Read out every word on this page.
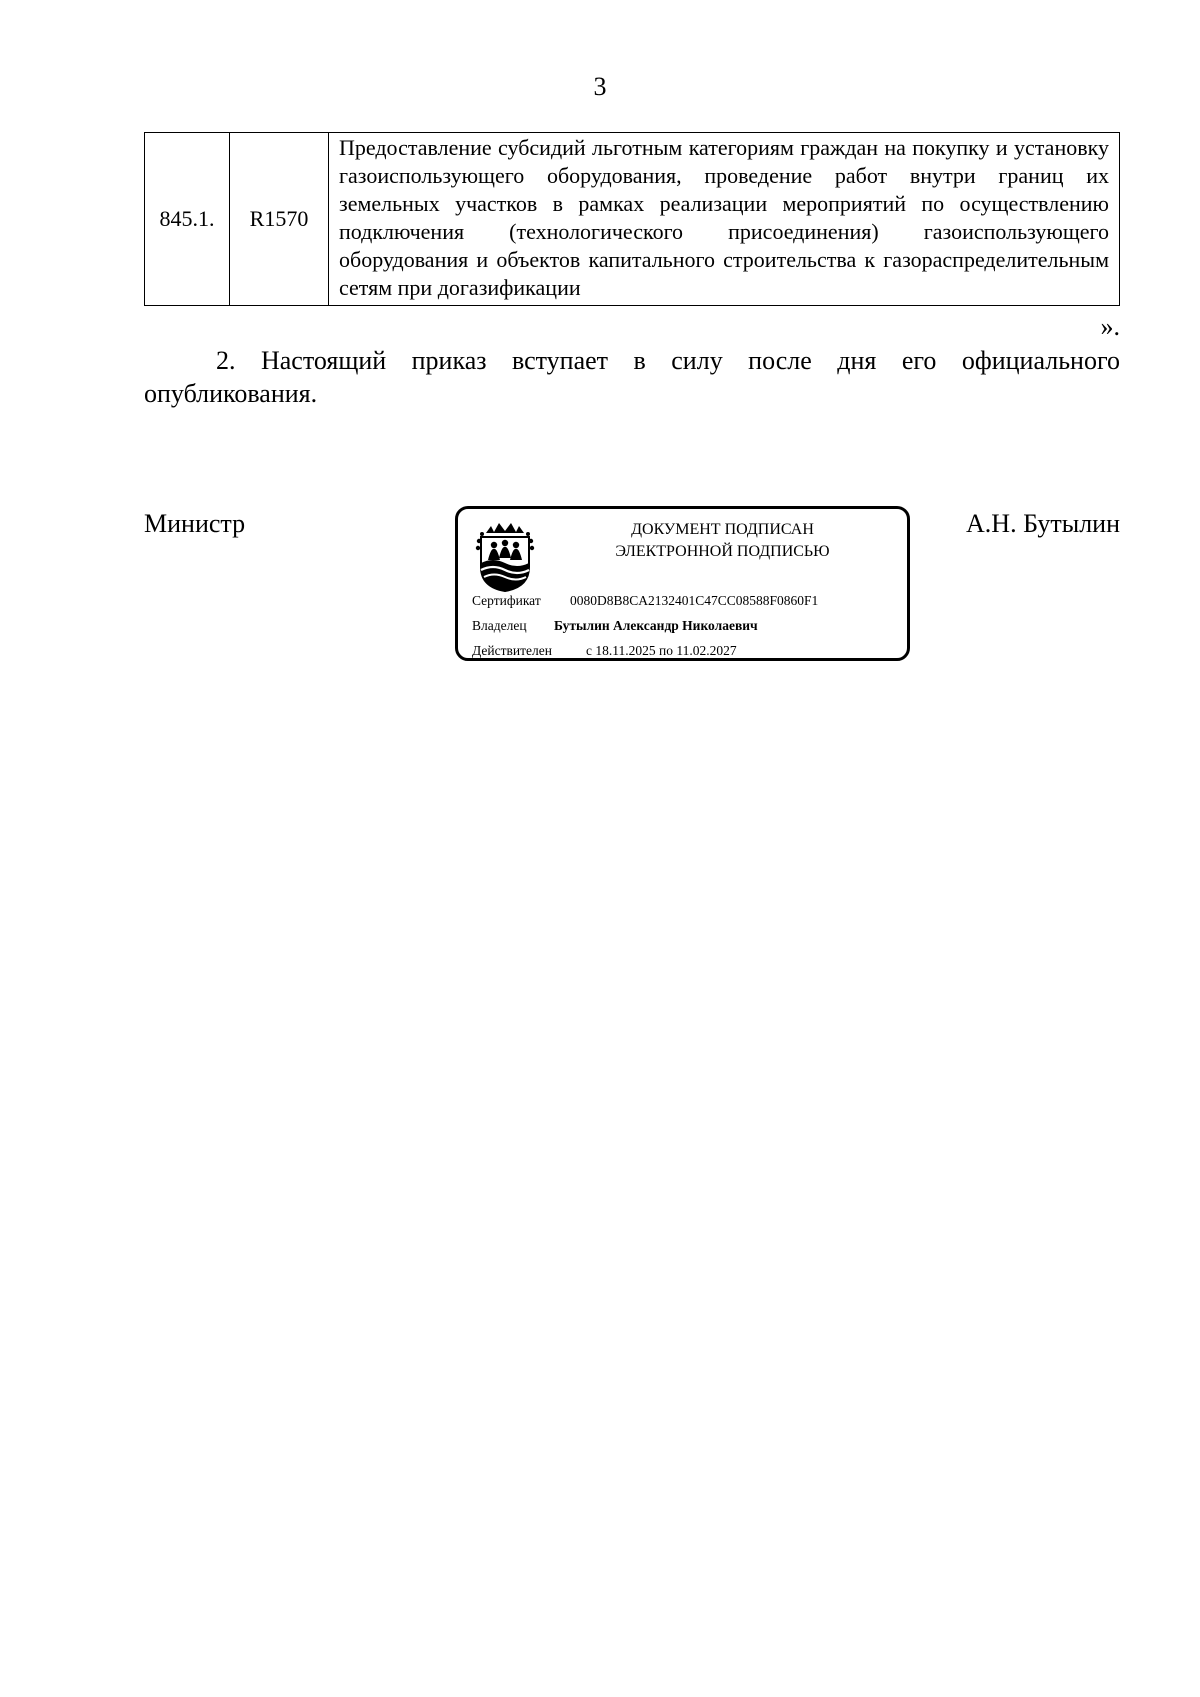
3
845.1.	R1570	Предоставление субсидий льготным категориям граждан на покупку и установку газоиспользующего оборудования, проведение работ внутри границ их земельных участков в рамках реализации мероприятий по осуществлению подключения (технологического присоединения) газоиспользующего оборудования и объектов капитального строительства к газораспределительным сетям при догазификации
».
2. Настоящий приказ вступает в силу после дня его официального опубликования.
Министр	ДОКУМЕНТ ПОДПИСАН
ЭЛЕКТРОННОЙ ПОДПИСЬЮ
Сертификат 0080D8B8CA2132401C47CC08588F0860F1
Владелец Бутылин Александр Николаевич
Действителен	с 18.11.2025 по 11.02.2027
А.Н. Бутылин
